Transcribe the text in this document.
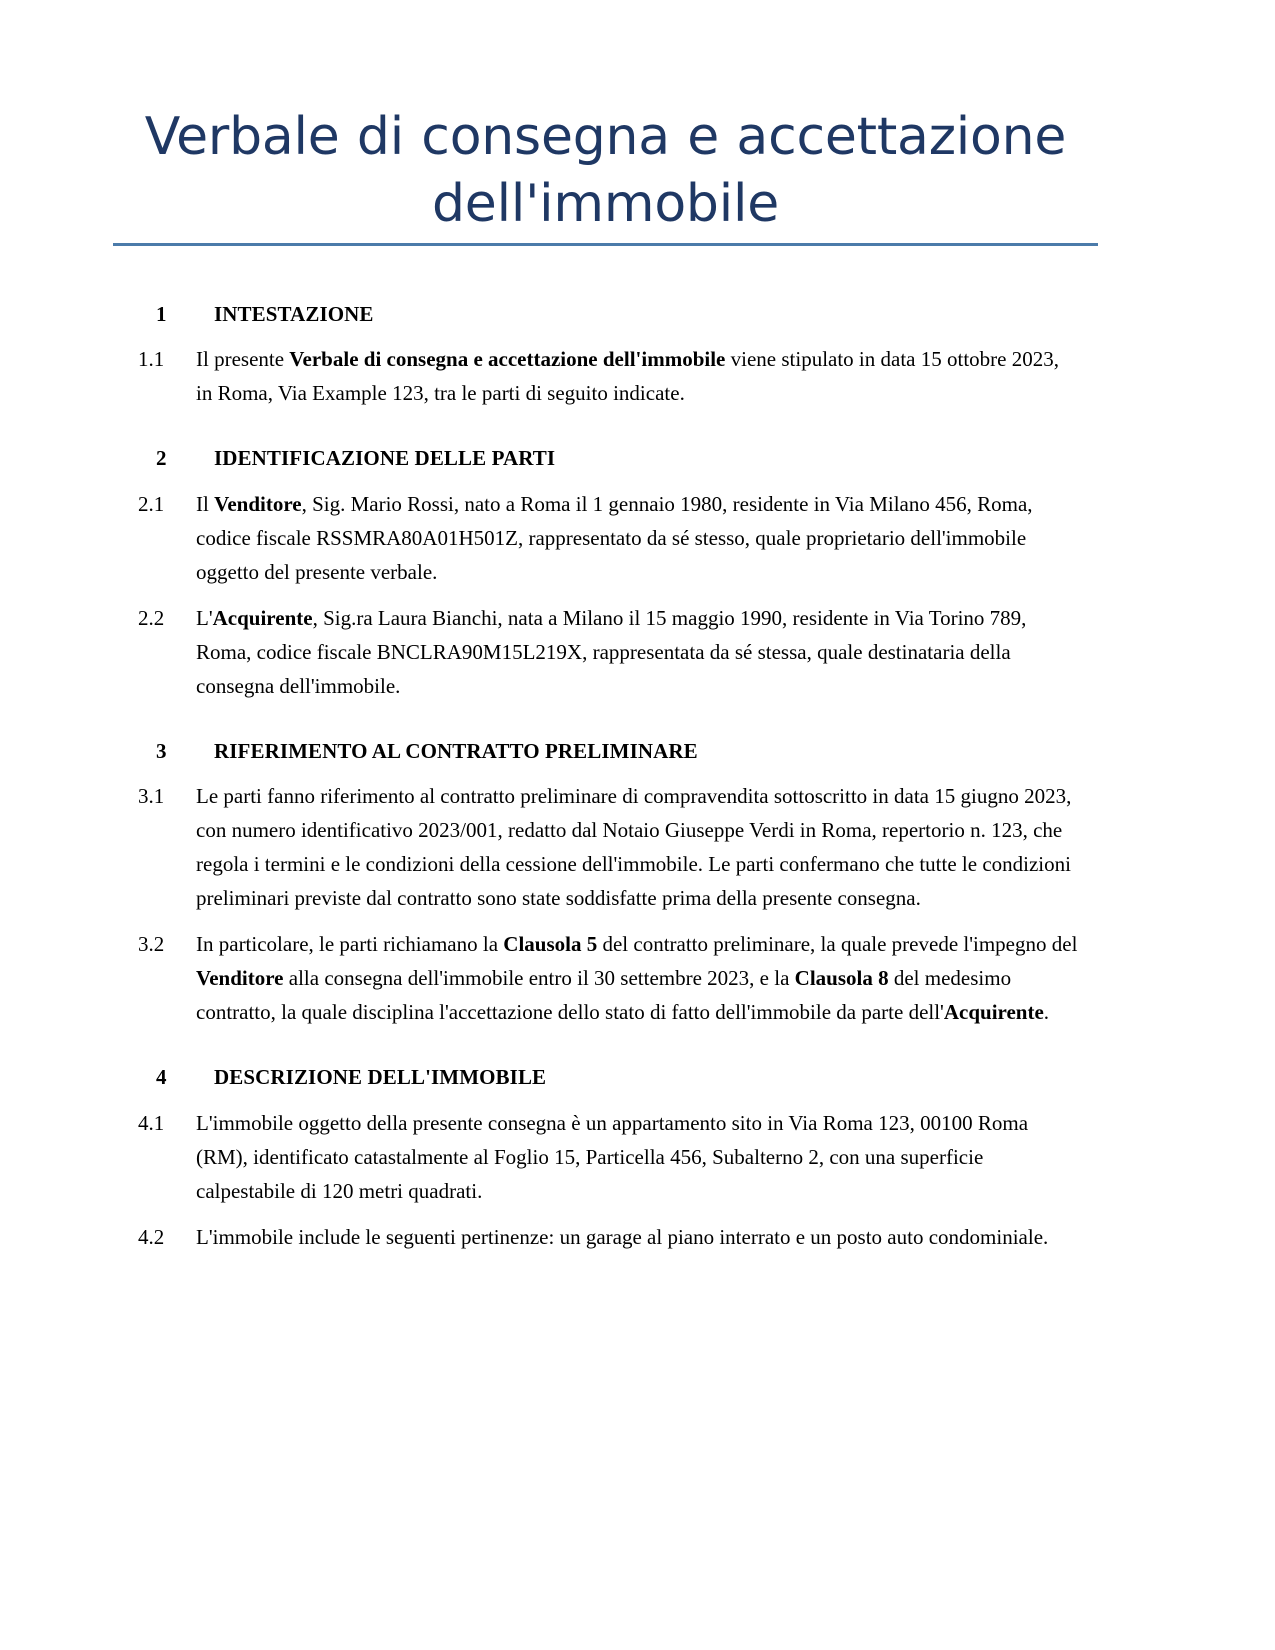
Verbale di consegna e accettazione dell'immobile
1	INTESTAZIONE
1.1	Il presente Verbale di consegna e accettazione dell'immobile viene stipulato in data 15 ottobre 2023, in Roma, Via Example 123, tra le parti di seguito indicate.
2	IDENTIFICAZIONE DELLE PARTI
2.1	Il Venditore, Sig. Mario Rossi, nato a Roma il 1 gennaio 1980, residente in Via Milano 456, Roma, codice fiscale RSSMRA80A01H501Z, rappresentato da sé stesso, quale proprietario dell'immobile oggetto del presente verbale.
2.2	L'Acquirente, Sig.ra Laura Bianchi, nata a Milano il 15 maggio 1990, residente in Via Torino 789, Roma, codice fiscale BNCLRA90M15L219X, rappresentata da sé stessa, quale destinataria della consegna dell'immobile.
3	RIFERIMENTO AL CONTRATTO PRELIMINARE
3.1	Le parti fanno riferimento al contratto preliminare di compravendita sottoscritto in data 15 giugno 2023, con numero identificativo 2023/001, redatto dal Notaio Giuseppe Verdi in Roma, repertorio n. 123, che regola i termini e le condizioni della cessione dell'immobile. Le parti confermano che tutte le condizioni preliminari previste dal contratto sono state soddisfatte prima della presente consegna.
3.2	In particolare, le parti richiamano la Clausola 5 del contratto preliminare, la quale prevede l'impegno del Venditore alla consegna dell'immobile entro il 30 settembre 2023, e la Clausola 8 del medesimo contratto, la quale disciplina l'accettazione dello stato di fatto dell'immobile da parte dell'Acquirente.
4	DESCRIZIONE DELL'IMMOBILE
4.1	L'immobile oggetto della presente consegna è un appartamento sito in Via Roma 123, 00100 Roma (RM), identificato catastalmente al Foglio 15, Particella 456, Subalterno 2, con una superficie calpestabile di 120 metri quadrati.
4.2	L'immobile include le seguenti pertinenze: un garage al piano interrato e un posto auto condominiale.
